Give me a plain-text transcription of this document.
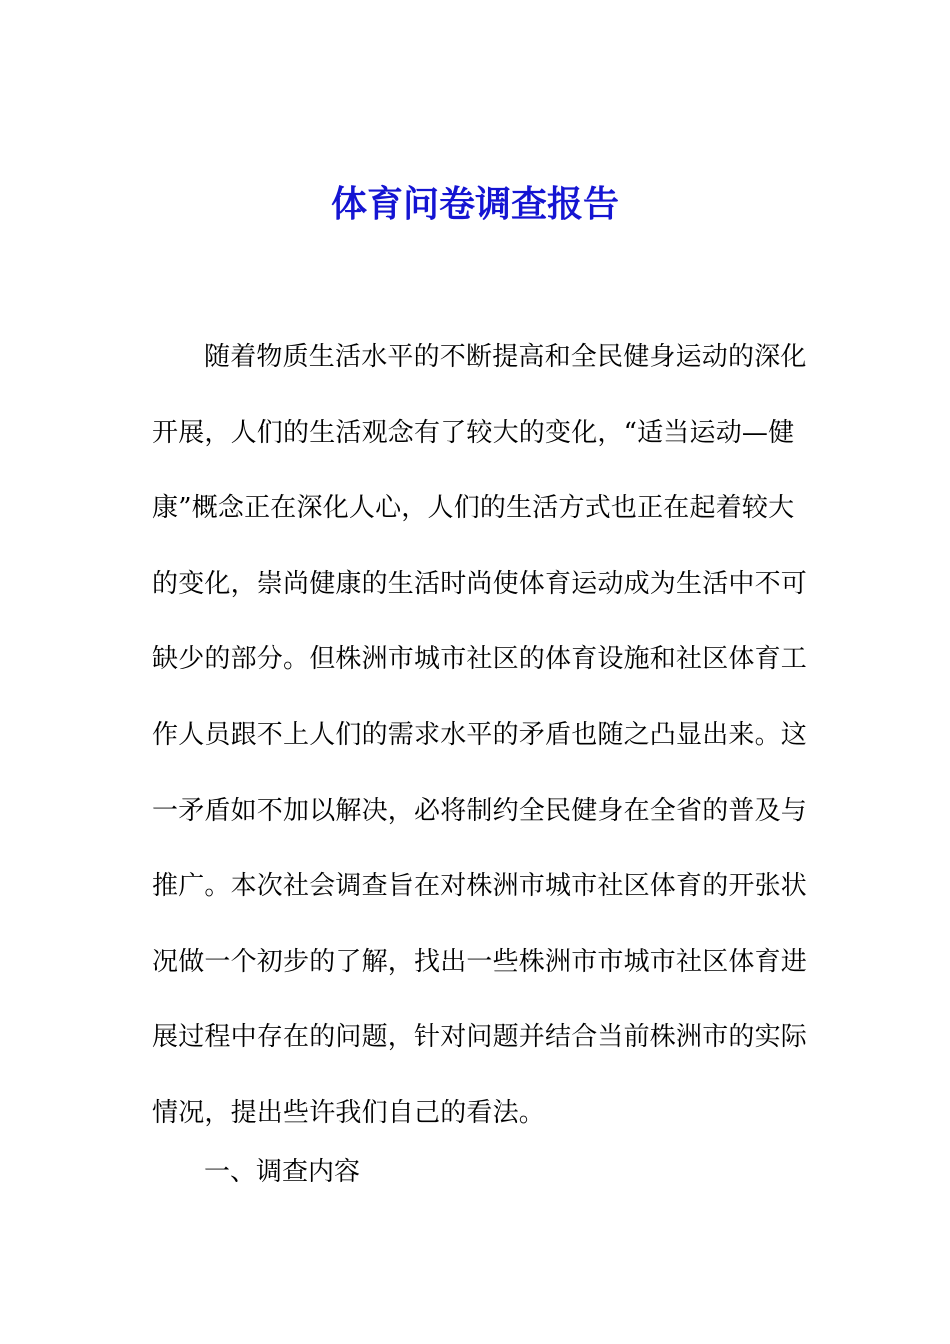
体育问卷调查报告
随着物质生活水平的不断提高和全民健身运动的深化
开展，人们的生活观念有了较大的变化，“适当运动—健
康”概念正在深化人心，人们的生活方式也正在起着较大
的变化，崇尚健康的生活时尚使体育运动成为生活中不可
缺少的部分。但株洲市城市社区的体育设施和社区体育工
作人员跟不上人们的需求水平的矛盾也随之凸显出来。这
一矛盾如不加以解决，必将制约全民健身在全省的普及与
推广。本次社会调查旨在对株洲市城市社区体育的开张状
况做一个初步的了解，找出一些株洲市市城市社区体育进
展过程中存在的问题，针对问题并结合当前株洲市的实际
情况，提出些许我们自己的看法。
一、调查内容
